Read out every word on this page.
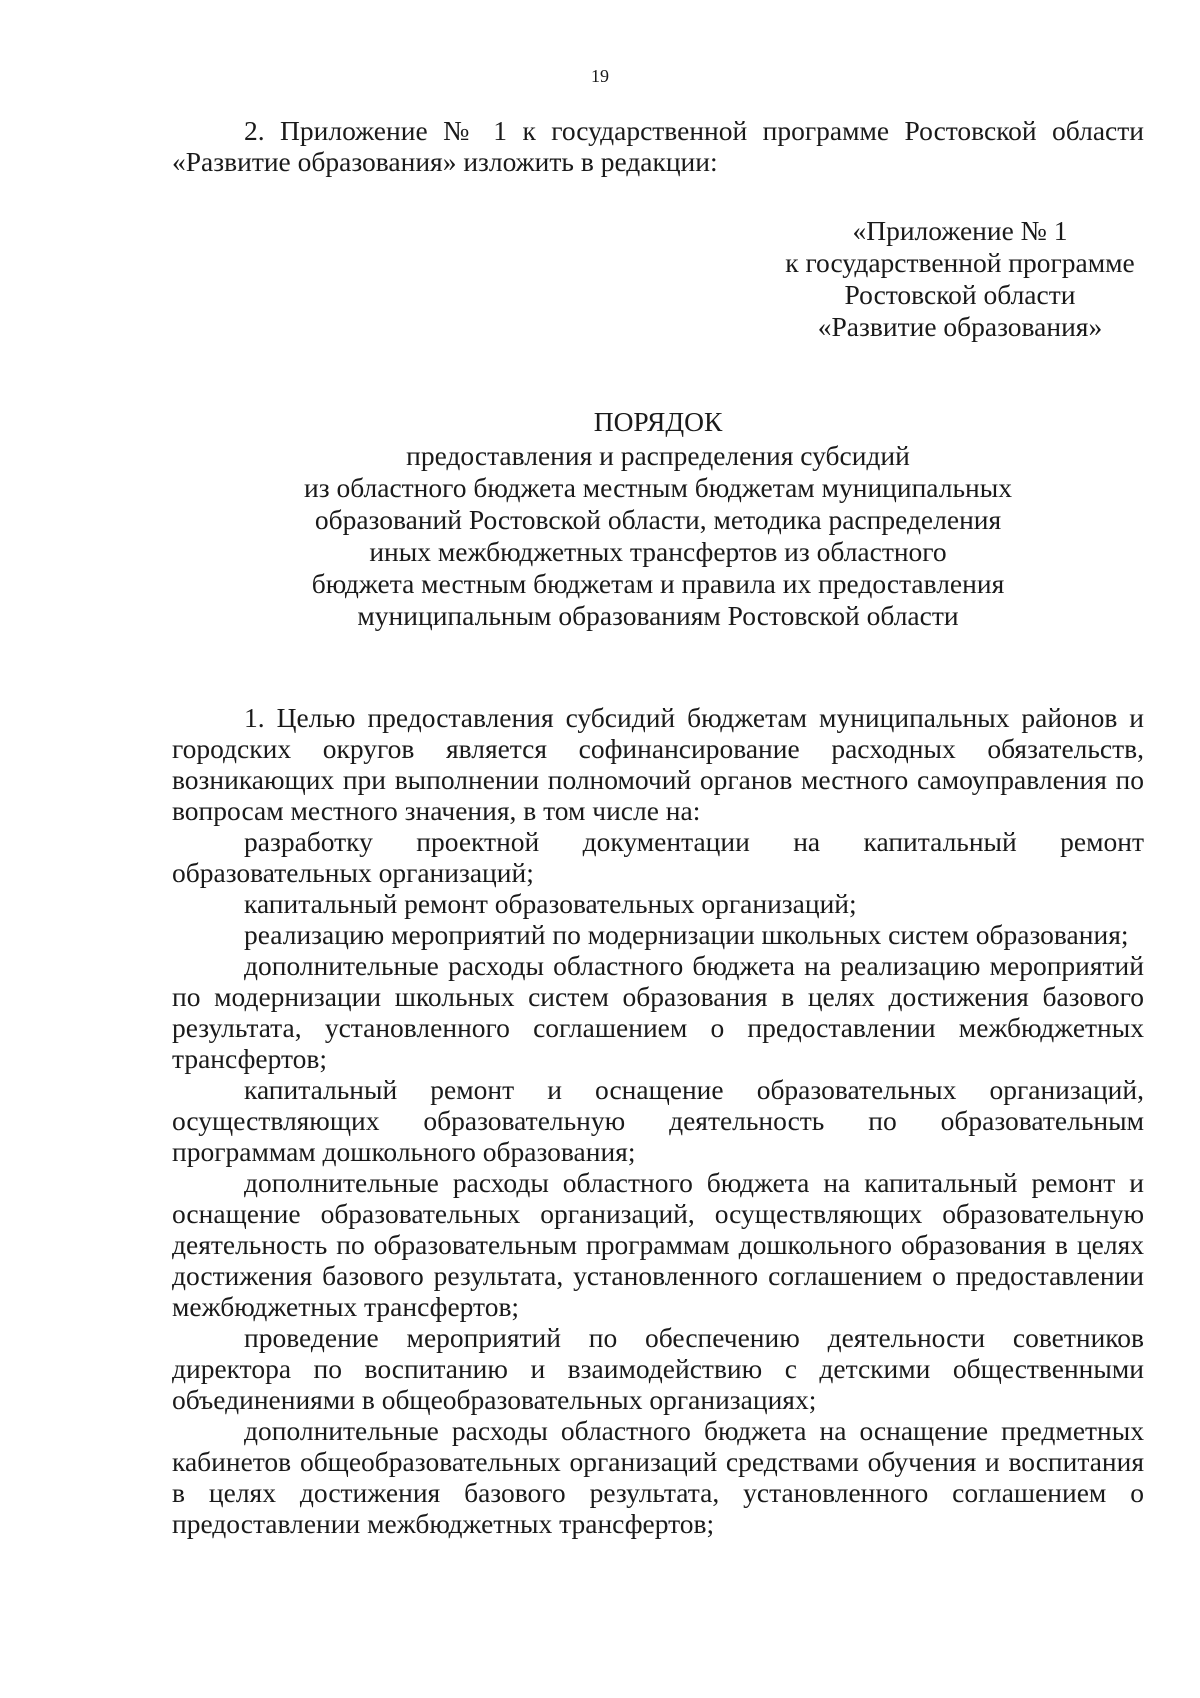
19

2. Приложение № 1 к государственной программе Ростовской области «Развитие образования» изложить в редакции:

«Приложение № 1
к государственной программе
Ростовской области
«Развитие образования»
ПОРЯДОК
предоставления и распределения субсидий
из областного бюджета местным бюджетам муниципальных
образований Ростовской области, методика распределения
иных межбюджетных трансфертов из областного
бюджета местным бюджетам и правила их предоставления
муниципальным образованиям Ростовской области

1. Целью предоставления субсидий бюджетам муниципальных районов и городских округов является софинансирование расходных обязательств, возникающих при выполнении полномочий органов местного самоуправления по вопросам местного значения, в том числе на:

разработку проектной документации на капитальный ремонт образовательных организаций;

капитальный ремонт образовательных организаций;

реализацию мероприятий по модернизации школьных систем образования;

дополнительные расходы областного бюджета на реализацию мероприятий по модернизации школьных систем образования в целях достижения базового результата, установленного соглашением о предоставлении межбюджетных трансфертов;

капитальный ремонт и оснащение образовательных организаций, осуществляющих образовательную деятельность по образовательным программам дошкольного образования;

дополнительные расходы областного бюджета на капитальный ремонт и оснащение образовательных организаций, осуществляющих образовательную деятельность по образовательным программам дошкольного образования в целях достижения базового результата, установленного соглашением о предоставлении межбюджетных трансфертов;

проведение мероприятий по обеспечению деятельности советников директора по воспитанию и взаимодействию с детскими общественными объединениями в общеобразовательных организациях;

дополнительные расходы областного бюджета на оснащение предметных кабинетов общеобразовательных организаций средствами обучения и воспитания в целях достижения базового результата, установленного соглашением о предоставлении межбюджетных трансфертов;
